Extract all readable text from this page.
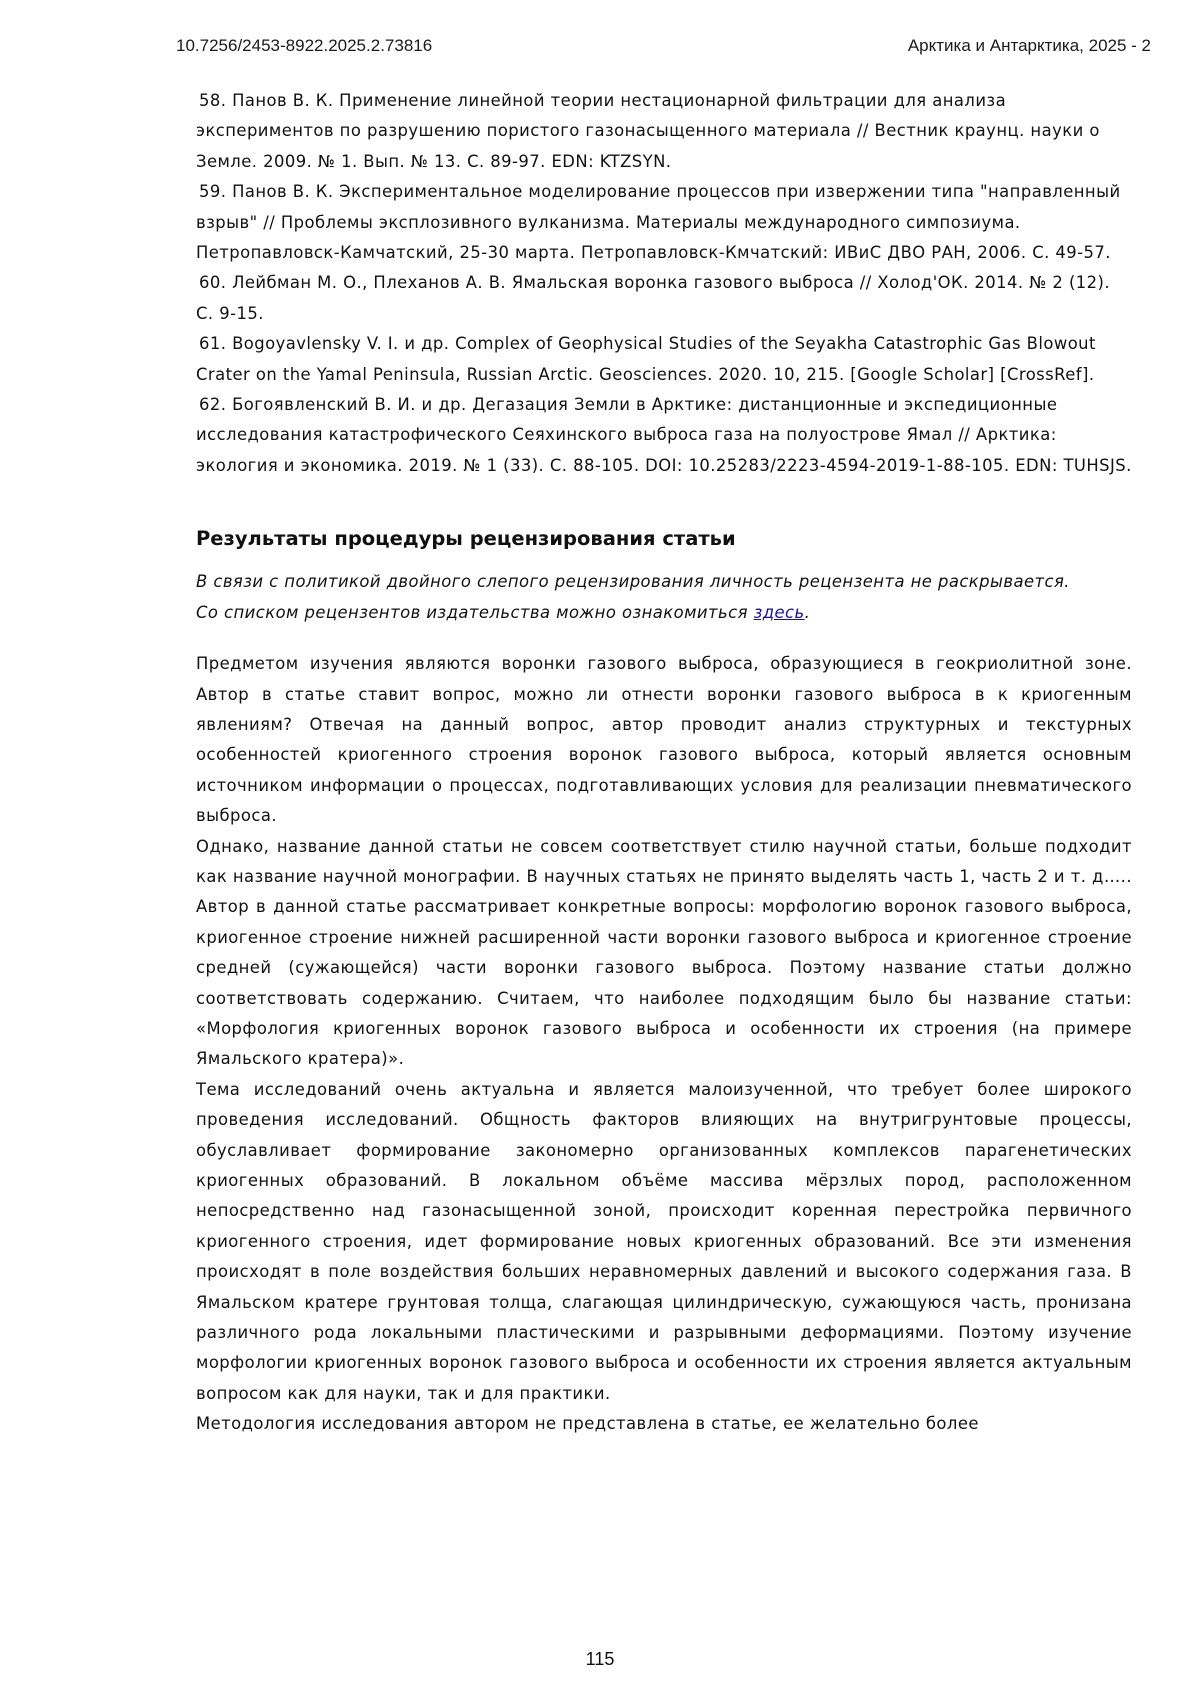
10.7256/2453-8922.2025.2.73816	Арктика и Антарктика, 2025 - 2

58. Панов В. К. Применение линейной теории нестационарной фильтрации для анализа экспериментов по разрушению пористого газонасыщенного материала // Вестник краунц. науки о Земле. 2009. № 1. Вып. № 13. С. 89-97. EDN: KTZSYN.

59. Панов В. К. Экспериментальное моделирование процессов при извержении типа "направленный взрыв" // Проблемы эксплозивного вулканизма. Материалы международного симпозиума. Петропавловск-Камчатский, 25-30 марта. Петропавловск-Кмчатский: ИВиС ДВО РАН, 2006. С. 49-57.

60. Лейбман М. О., Плеханов А. В. Ямальская воронка газового выброса // Холод'ОК. 2014. № 2 (12). С. 9-15.

61. Bogoyavlensky V. I. и др. Complex of Geophysical Studies of the Seyakha Catastrophic Gas Blowout Crater on the Yamal Peninsula, Russian Arctic. Geosciences. 2020. 10, 215. [Google Scholar] [CrossRef].

62. Богоявленский В. И. и др. Дегазация Земли в Арктике: дистанционные и экспедиционные исследования катастрофического Сеяхинского выброса газа на полуострове Ямал // Арктика: экология и экономика. 2019. № 1 (33). С. 88-105. DOI: 10.25283/2223-4594-2019-1-88-105. EDN: TUHSJS.

Результаты процедуры рецензирования статьи

В связи с политикой двойного слепого рецензирования личность рецензента не раскрывается.

Со списком рецензентов издательства можно ознакомиться здесь.

Предметом изучения являются воронки газового выброса, образующиеся в геокриолитной зоне. Автор в статье ставит вопрос, можно ли отнести воронки газового выброса в к криогенным явлениям? Отвечая на данный вопрос, автор проводит анализ структурных и текстурных особенностей криогенного строения воронок газового выброса, который является основным источником информации о процессах, подготавливающих условия для реализации пневматического выброса.

Однако, название данной статьи не совсем соответствует стилю научной статьи, больше подходит как название научной монографии. В научных статьях не принято выделять часть 1, часть 2 и т. д….. Автор в данной статье рассматривает конкретные вопросы: морфологию воронок газового выброса, криогенное строение нижней расширенной части воронки газового выброса и криогенное строение средней (сужающейся) части воронки газового выброса. Поэтому название статьи должно соответствовать содержанию. Считаем, что наиболее подходящим было бы название статьи: «Морфология криогенных воронок газового выброса и особенности их строения (на примере Ямальского кратера)».

Тема исследований очень актуальна и является малоизученной, что требует более широкого проведения исследований. Общность факторов влияющих на внутригрунтовые процессы, обуславливает формирование закономерно организованных комплексов парагенетических криогенных образований. В локальном объёме массива мёрзлых пород, расположенном непосредственно над газонасыщенной зоной, происходит коренная перестройка первичного криогенного строения, идет формирование новых криогенных образований. Все эти изменения происходят в поле воздействия больших неравномерных давлений и высокого содержания газа. В Ямальском кратере грунтовая толща, слагающая цилиндрическую, сужающуюся часть, пронизана различного рода локальными пластическими и разрывными деформациями. Поэтому изучение морфологии криогенных воронок газового выброса и особенности их строения является актуальным вопросом как для науки, так и для практики.

Методология исследования автором не представлена в статье, ее желательно более

115
